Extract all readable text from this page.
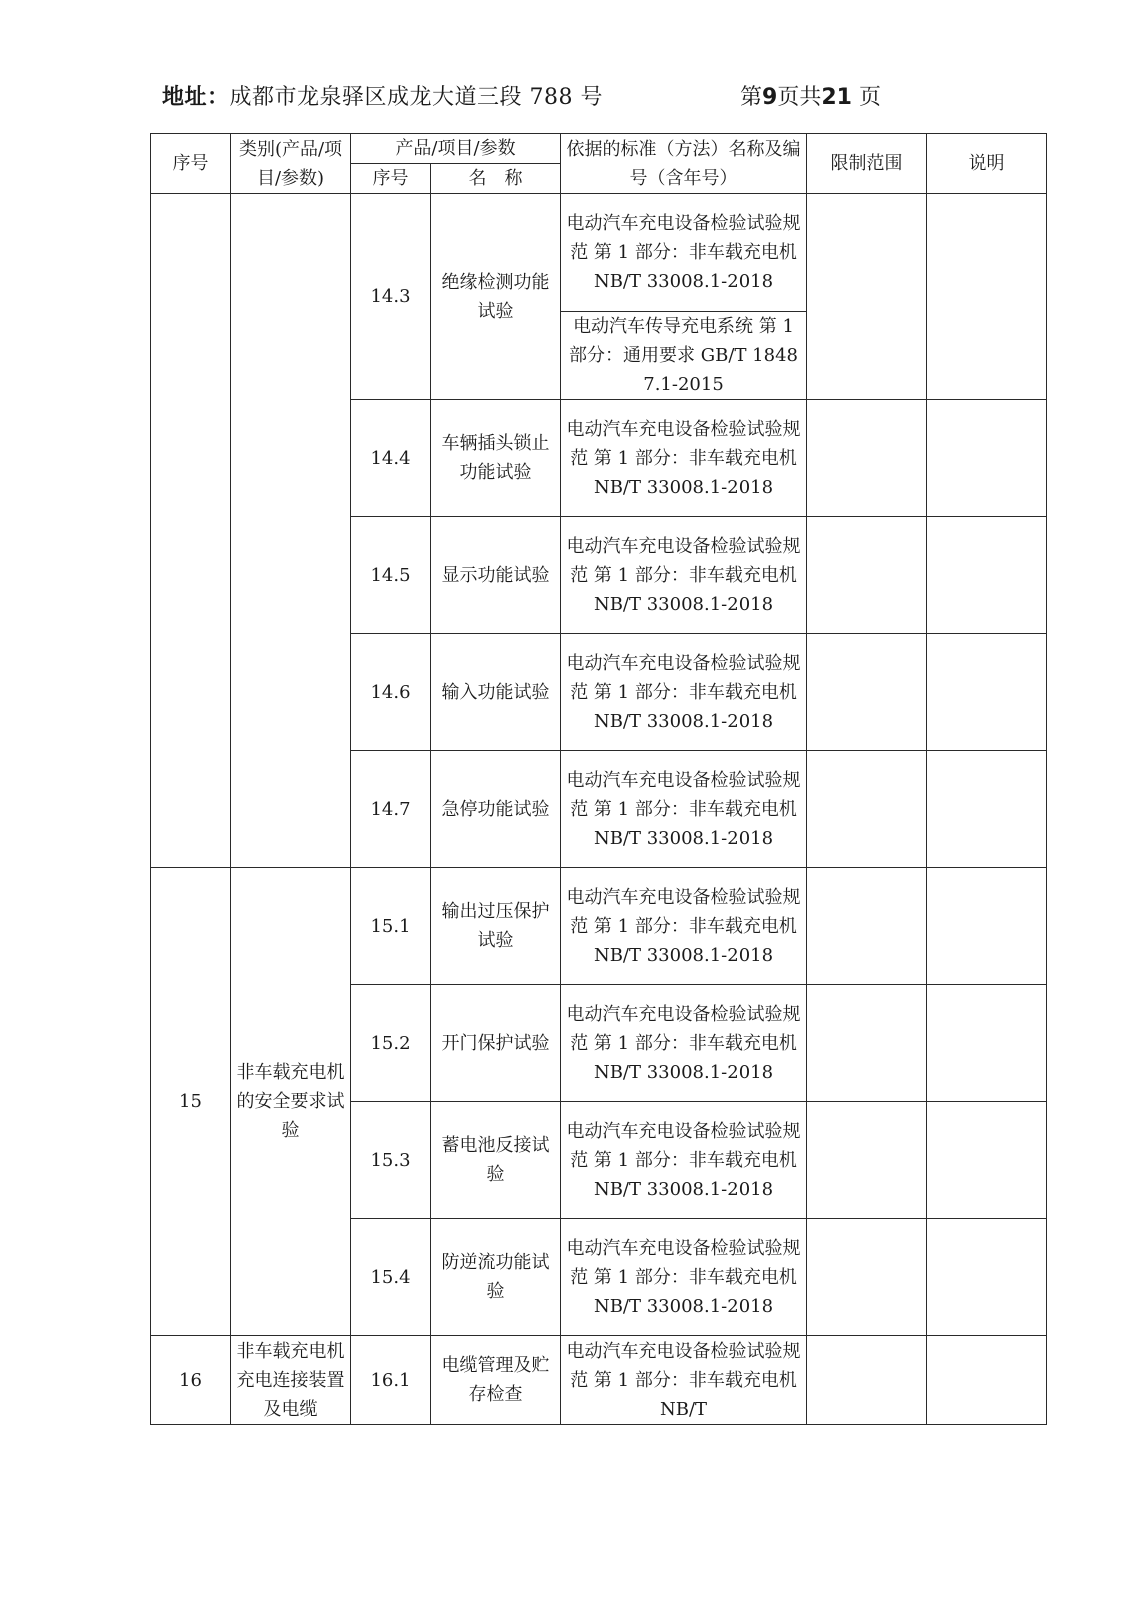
地址：成都市龙泉驿区成龙大道三段 788 号	第9页共21 页
序号	类别(产品/项目/参数)	产品/项目/参数		依据的标准（方法）名称及编号（含年号）	限制范围	说明
		序号	名　称			
		14.3	绝缘检测功能试验	电动汽车充电设备检验试验规范 第 1 部分：非车载充电机 NB/T 33008.1-2018		
				电动汽车传导充电系统 第 1 部分：通用要求 GB/T 18487.1-2015		
		14.4	车辆插头锁止功能试验	电动汽车充电设备检验试验规范 第 1 部分：非车载充电机 NB/T 33008.1-2018		
		14.5	显示功能试验	电动汽车充电设备检验试验规范 第 1 部分：非车载充电机 NB/T 33008.1-2018		
		14.6	输入功能试验	电动汽车充电设备检验试验规范 第 1 部分：非车载充电机 NB/T 33008.1-2018		
		14.7	急停功能试验	电动汽车充电设备检验试验规范 第 1 部分：非车载充电机 NB/T 33008.1-2018		
15	非车载充电机的安全要求试验	15.1	输出过压保护试验	电动汽车充电设备检验试验规范 第 1 部分：非车载充电机 NB/T 33008.1-2018		
		15.2	开门保护试验	电动汽车充电设备检验试验规范 第 1 部分：非车载充电机 NB/T 33008.1-2018		
		15.3	蓄电池反接试验	电动汽车充电设备检验试验规范 第 1 部分：非车载充电机 NB/T 33008.1-2018		
		15.4	防逆流功能试验	电动汽车充电设备检验试验规范 第 1 部分：非车载充电机 NB/T 33008.1-2018		
16	非车载充电机充电连接装置及电缆	16.1	电缆管理及贮存检查	电动汽车充电设备检验试验规范 第 1 部分：非车载充电机 NB/T		
